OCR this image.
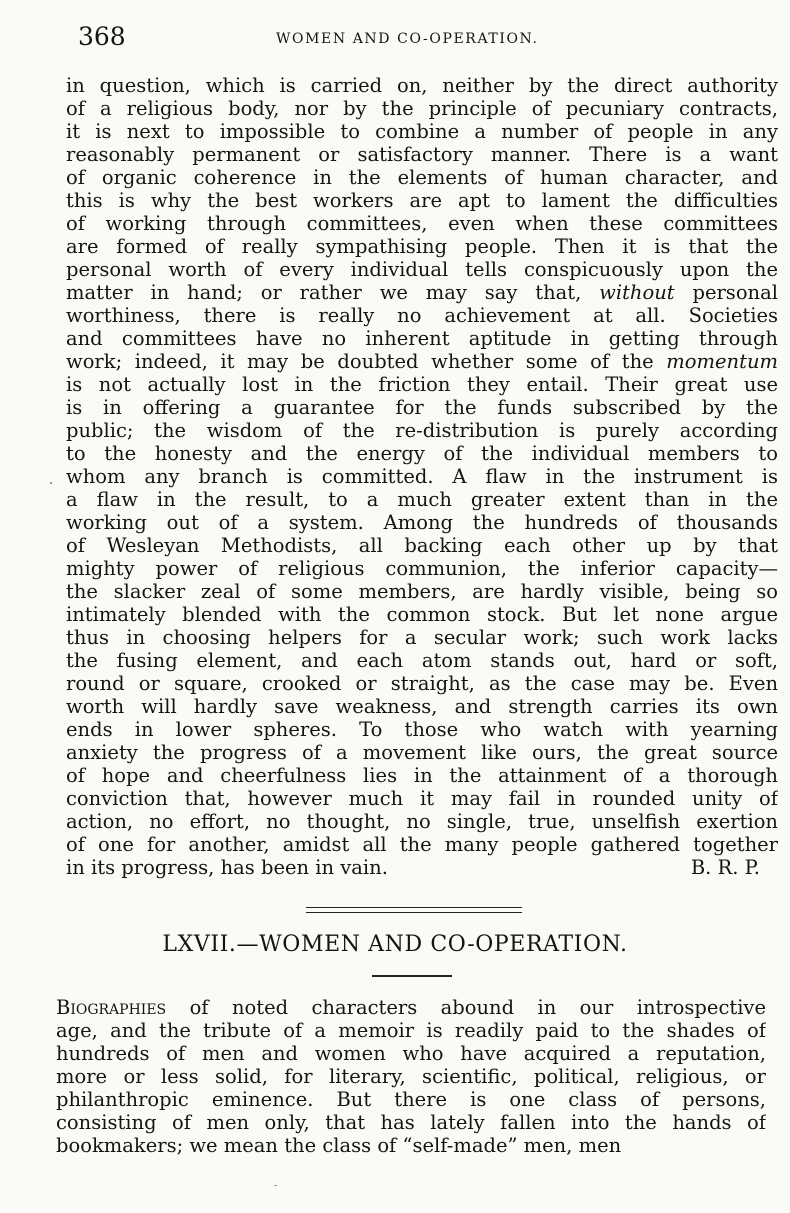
368	WOMEN AND CO-OPERATION.
in question, which is carried on, neither by the direct authority
of a religious body, nor by the principle of pecuniary contracts,
it is next to impossible to combine a number of people in any
reasonably permanent or satisfactory manner. There is a want
of organic coherence in the elements of human character, and
this is why the best workers are apt to lament the difficulties
of working through committees, even when these committees
are formed of really sympathising people. Then it is that the
personal worth of every individual tells conspicuously upon the
matter in hand; or rather we may say that, without personal
worthiness, there is really no achievement at all. Societies
and committees have no inherent aptitude in getting through
work; indeed, it may be doubted whether some of the momentum
is not actually lost in the friction they entail. Their great use
is in offering a guarantee for the funds subscribed by the
public; the wisdom of the re-distribution is purely according
to the honesty and the energy of the individual members to
whom any branch is committed. A flaw in the instrument is
a flaw in the result, to a much greater extent than in the
working out of a system. Among the hundreds of thousands
of Wesleyan Methodists, all backing each other up by that
mighty power of religious communion, the inferior capacity—
the slacker zeal of some members, are hardly visible, being so
intimately blended with the common stock. But let none argue
thus in choosing helpers for a secular work; such work lacks
the fusing element, and each atom stands out, hard or soft,
round or square, crooked or straight, as the case may be. Even
worth will hardly save weakness, and strength carries its own
ends in lower spheres. To those who watch with yearning
anxiety the progress of a movement like ours, the great source
of hope and cheerfulness lies in the attainment of a thorough
conviction that, however much it may fail in rounded unity of
action, no effort, no thought, no single, true, unselfish exertion
of one for another, amidst all the many people gathered together
in its progress, has been in vain.	B. R. P.
LXVII.—WOMEN AND CO-OPERATION.
Biographies of noted characters abound in our introspective
age, and the tribute of a memoir is readily paid to the shades of
hundreds of men and women who have acquired a reputation,
more or less solid, for literary, scientific, political, religious, or
philanthropic eminence. But there is one class of persons,
consisting of men only, that has lately fallen into the hands of
bookmakers; we mean the class of “self-made” men, men
